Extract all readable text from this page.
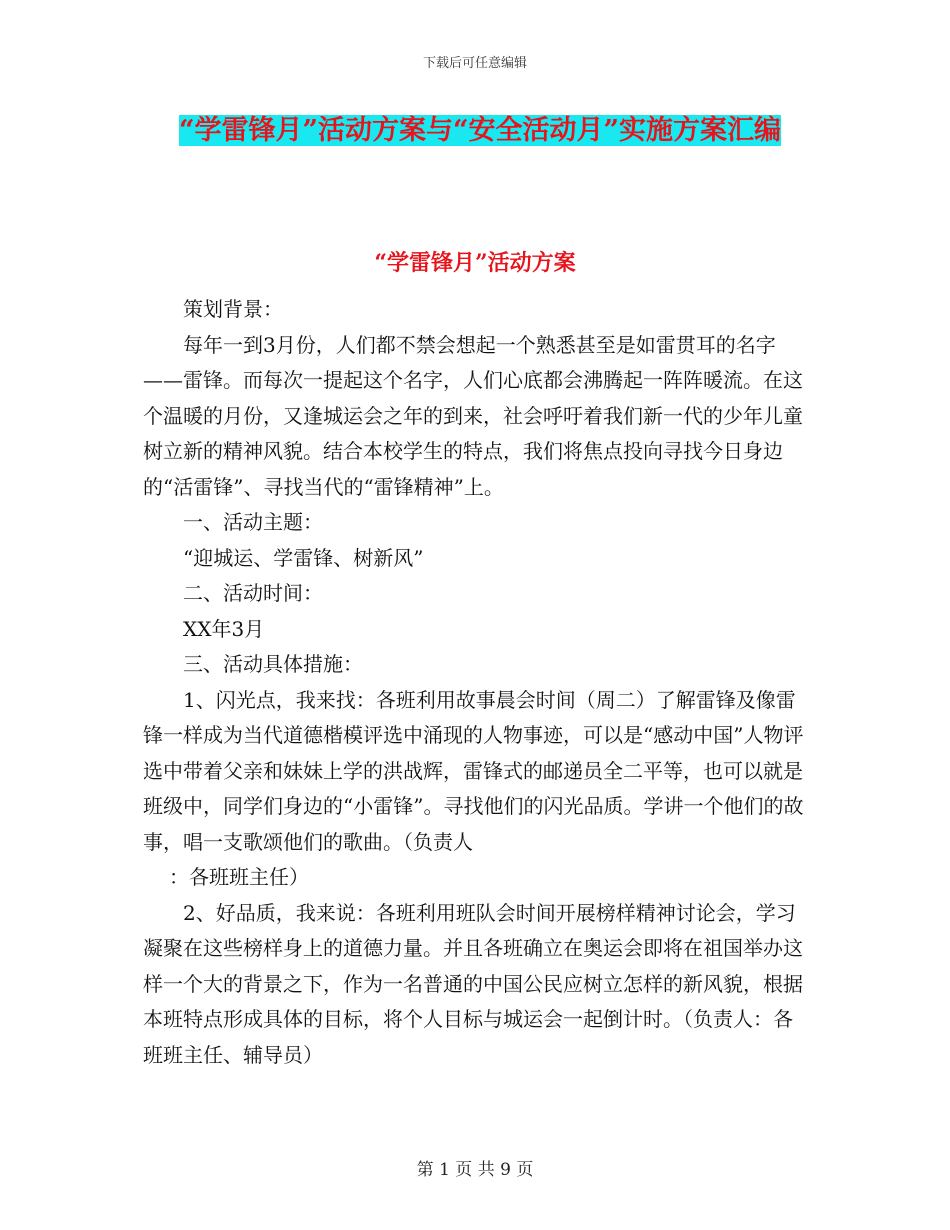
下载后可任意编辑
“学雷锋月”活动方案与“安全活动月”实施方案汇编
“学雷锋月”活动方案

策划背景：

每年一到3月份，人们都不禁会想起一个熟悉甚至是如雷贯耳的名字——雷锋。而每次一提起这个名字，人们心底都会沸腾起一阵阵暖流。在这个温暖的月份，又逢城运会之年的到来，社会呼吁着我们新一代的少年儿童树立新的精神风貌。结合本校学生的特点，我们将焦点投向寻找今日身边的“活雷锋”、寻找当代的“雷锋精神”上。

一、活动主题：

“迎城运、学雷锋、树新风”

二、活动时间：

XX年3月

三、活动具体措施：

1、闪光点，我来找：各班利用故事晨会时间（周二）了解雷锋及像雷锋一样成为当代道德楷模评选中涌现的人物事迹，可以是“感动中国”人物评选中带着父亲和妹妹上学的洪战辉，雷锋式的邮递员全二平等，也可以就是班级中，同学们身边的“小雷锋”。寻找他们的闪光品质。学讲一个他们的故事，唱一支歌颂他们的歌曲。（负责人

：各班班主任）

2、好品质，我来说：各班利用班队会时间开展榜样精神讨论会，学习凝聚在这些榜样身上的道德力量。并且各班确立在奥运会即将在祖国举办这样一个大的背景之下，作为一名普通的中国公民应树立怎样的新风貌，根据本班特点形成具体的目标，将个人目标与城运会一起倒计时。（负责人：各班班主任、辅导员）

第 1 页 共 9 页
